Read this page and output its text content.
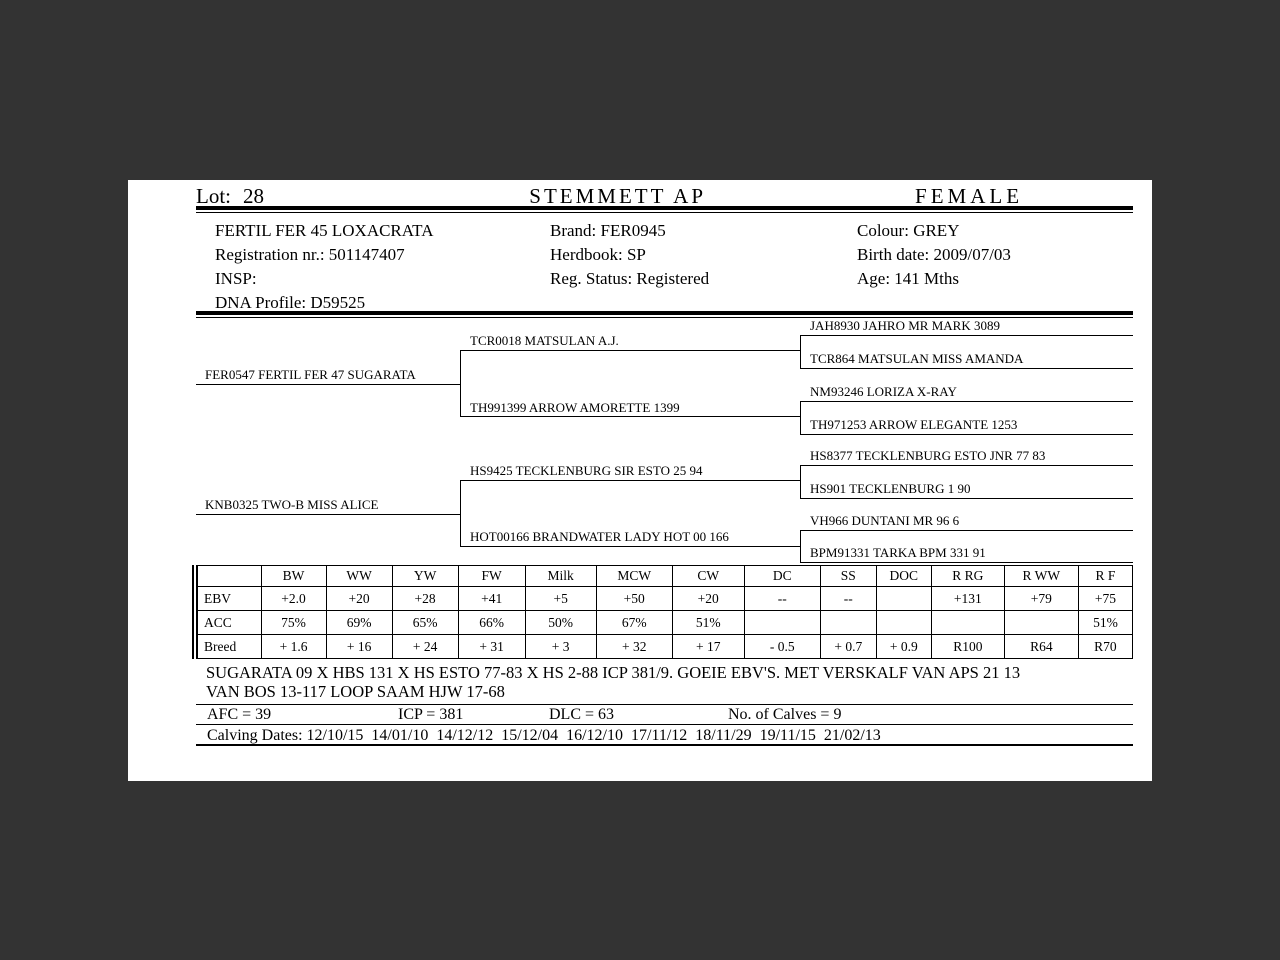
Lot: 28	STEMMETT AP	FEMALE
FERTIL FER 45 LOXACRATA
Registration nr.: 501147407
INSP:
DNA Profile: D59525
Brand: FER0945
Herdbook: SP
Reg. Status: Registered
Colour: GREY
Birth date: 2009/07/03
Age: 141 Mths
FER0547 FERTIL FER 47 SUGARATA
KNB0325 TWO-B MISS ALICE
TCR0018 MATSULAN A.J.
TH991399 ARROW AMORETTE 1399
HS9425 TECKLENBURG SIR ESTO 25 94
HOT00166 BRANDWATER LADY HOT 00 166
JAH8930 JAHRO MR MARK 3089
TCR864 MATSULAN MISS AMANDA
NM93246 LORIZA X-RAY
TH971253 ARROW ELEGANTE 1253
HS8377 TECKLENBURG ESTO JNR 77 83
HS901 TECKLENBURG 1 90
VH966 DUNTANI MR 96 6
BPM91331 TARKA BPM 331 91
	BW	WW	YW	FW	Milk	MCW	CW	DC	SS	DOC	R RG	R WW	R F
EBV	+2.0	+20	+28	+41	+5	+50	+20	--	--		+131	+79	+75
ACC	75%	69%	65%	66%	50%	67%	51%						51%
Breed	+ 1.6	+ 16	+ 24	+ 31	+ 3	+ 32	+ 17	- 0.5	+ 0.7	+ 0.9	R100	R64	R70
SUGARATA 09 X HBS 131 X HS ESTO 77-83 X HS 2-88 ICP 381/9. GOEIE EBV'S. MET VERSKALF VAN APS 21 13
VAN BOS 13-117 LOOP SAAM HJW 17-68
AFC = 39	ICP = 381	DLC = 63	No. of Calves = 9
Calving Dates: 12/10/15  14/01/10  14/12/12  15/12/04  16/12/10  17/11/12  18/11/29  19/11/15  21/02/13
